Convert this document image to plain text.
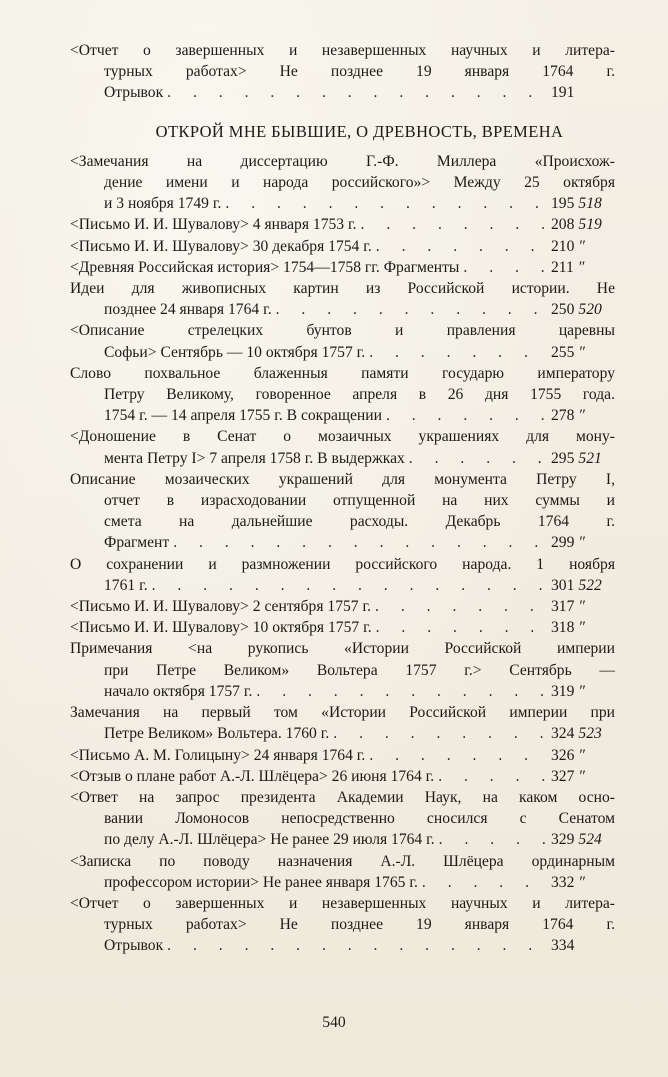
<Отчет о завершенных и незавершенных научных и литера-
турных работах> Не позднее 19 января 1764 г.
Отрывок . . .	191
ОТКРОЙ МНЕ БЫВШИЕ, О ДРЕВНОСТЬ, ВРЕМЕНА
<Замечания на диссертацию Г.-Ф. Миллера «Происхож-
дение имени и народа российского»> Между 25 октября
и 3 ноября 1749 г. . . .	195 518
<Письмо И. И. Шувалову> 4 января 1753 г. . . .	208 519
<Письмо И. И. Шувалову> 30 декабря 1754 г. . . .	210 ″
<Древняя Российская история> 1754—1758 гг. Фрагменты . . .	211 ″
Идеи для живописных картин из Российской истории. Не
позднее 24 января 1764 г. . . .	250 520
<Описание стрелецких бунтов и правления царевны
Софьи> Сентябрь — 10 октября 1757 г. . . .	255 ″
Слово похвальное блаженныя памяти государю императору
Петру Великому, говоренное апреля в 26 дня 1755 года.
1754 г. — 14 апреля 1755 г. В сокращении . . .	278 ″
<Доношение в Сенат о мозаичных украшениях для мону-
мента Петру I> 7 апреля 1758 г. В выдержках . . .	295 521
Описание мозаических украшений для монумента Петру I,
отчет в израсходовании отпущенной на них суммы и
смета на дальнейшие расходы. Декабрь 1764 г.
Фрагмент . . .	299 ″
О сохранении и размножении российского народа. 1 ноября
1761 г. . . .	301 522
<Письмо И. И. Шувалову> 2 сентября 1757 г. . . .	317 ″
<Письмо И. И. Шувалову> 10 октября 1757 г. . . .	318 ″
Примечания <на рукопись «Истории Российской империи
при Петре Великом» Вольтера 1757 г.> Сентябрь —
начало октября 1757 г. . . .	319 ″
Замечания на первый том «Истории Российской империи при
Петре Великом» Вольтера. 1760 г. . . .	324 523
<Письмо А. М. Голицыну> 24 января 1764 г. . . .	326 ″
<Отзыв о плане работ А.-Л. Шлёцера> 26 июня 1764 г. . . .	327 ″
<Ответ на запрос президента Академии Наук, на каком осно-
вании Ломоносов непосредственно сносился с Сенатом
по делу А.-Л. Шлёцера> Не ранее 29 июля 1764 г. . . .	329 524
<Записка по поводу назначения А.-Л. Шлёцера ординарным
профессором истории> Не ранее января 1765 г. . . .	332 ″
<Отчет о завершенных и незавершенных научных и литера-
турных работах> Не позднее 19 января 1764 г.
Отрывок . . .	334
540
